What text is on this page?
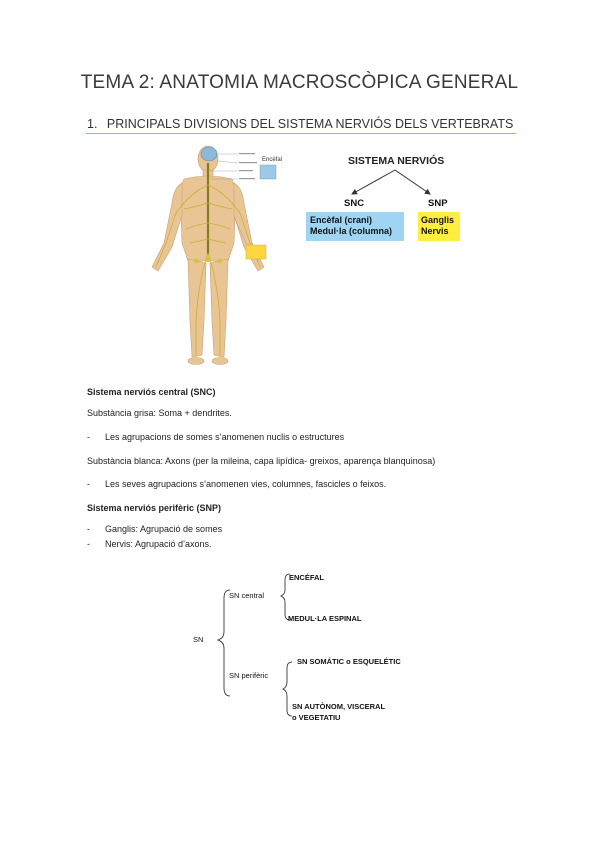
TEMA 2: ANATOMIA MACROSCÒPICA GENERAL
1. PRINCIPALS DIVISIONS DEL SISTEMA NERVIÓS DELS VERTEBRATS
Encèfal	SISTEMA NERVIÓS
SNC	SNP
Encèfal (crani)
Medul·la (columna)
Ganglis
Nervis
Sistema nerviós central (SNC)
Substància grisa: Soma + dendrites.
- Les agrupacions de somes s’anomenen nuclis o estructures
Substància blanca: Axons (per la mileina, capa lipídica- greixos, aparença blanquinosa)
- Les seves agrupacions s’anomenen vies, columnes, fascicles o feixos.
Sistema nerviós perifèric (SNP)
- Ganglis: Agrupació de somes
- Nervis: Agrupació d’axons.
SN
SN central
ENCÉFAL
MEDUL·LA ESPINAL
SN perifèric
SN SOMÁTIC o ESQUELÉTIC
SN AUTÒNOM, VISCERAL
o VEGETATIU
